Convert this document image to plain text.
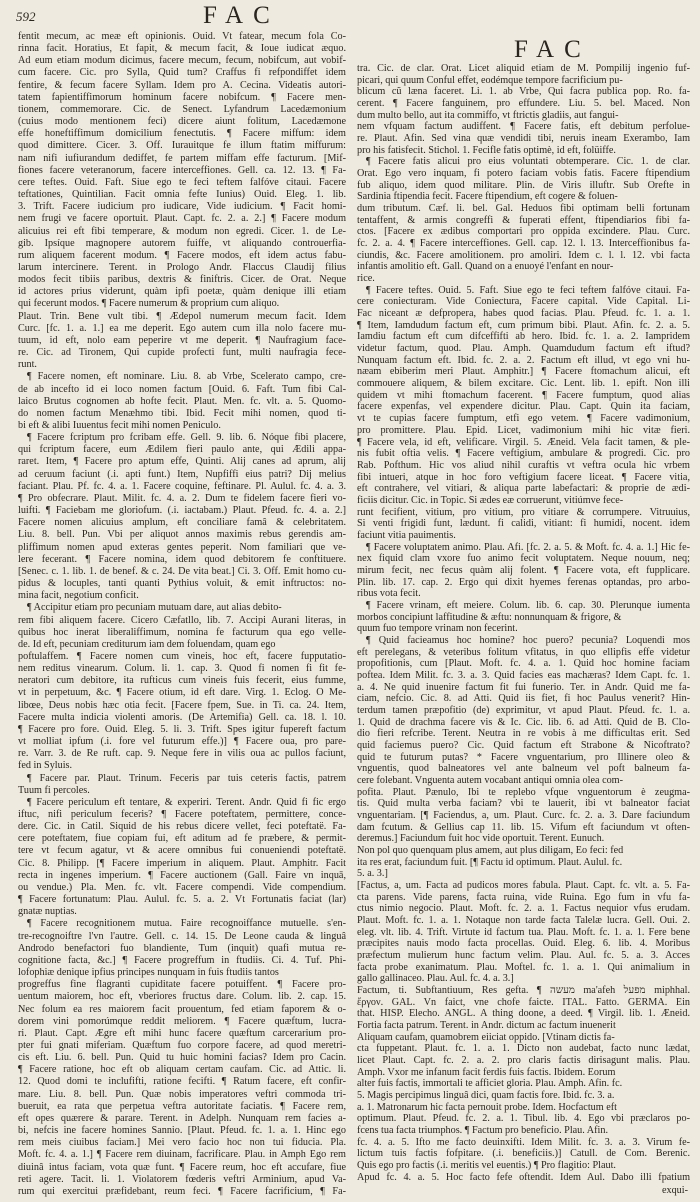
592	FAC
FAC
fentit mecum, ac meæ eft opinionis. Ouid. Vt fatear, mecum fola Co-
rinna facit. Horatius, Et fapit, & mecum facit, & Ioue iudicat æquo.
Ad eum etiam modum dicimus, facere mecum, fecum, nobifcum, aut vobif-
cum facere. Cic. pro Sylla, Quid tum? Craffus fi refpondiffet idem
fentire, & fecum facere Syllam. Idem pro A. Cecina. Videatis autori-
tatem fapientiffimorum hominum facere nobifcum. ¶ Facere men-
tionem, commemorare. Cic. de Senect. Lyfandrum Lacedæmonium
(cuius modo mentionem feci) dicere aiunt folitum, Lacedæmone
effe honeftiffimum domicilium fenectutis. ¶ Facere miffum: idem
quod dimittere. Cicer. 3. Off. Iurauitque fe illum ftatim miffurum:
nam nifi iufiurandum dediffet, fe partem miffam effe facturum. [Mif-
fiones facere veteranorum, facere interceffiones. Gell. ca. 12. 13. ¶ Fa-
cere teftes. Ouid. Faft. Siue ego te feci teftem falfóve citaui. Facere
teftationes, Quintilian. Facit omnia fefte Iunius) Ouid. Eleg. 1. lib.
3. Trift. Facere iudicium pro iudicare, Vide iudicium. ¶ Facit homi-
nem frugi ve facere oportuit. Plaut. Capt. fc. 2. a. 2.] ¶ Facere modum
alicuius rei eft fibi temperare, & modum non egredi. Cicer. 1. de Le-
gib. Ipsíque magnopere autorem fuiffe, vt aliquando controuerfia-
rum aliquem facerent modum. ¶ Facere modos, eft idem actus fabu-
larum intercinere. Terent. in Prologo Andr. Flaccus Claudij filius
modos fecit tibiis paribus, dextris & finiftris. Cicer. de Orat. Neque
id actores prius viderunt, quàm ipfi poetæ, quàm denique illi etiam
qui fecerunt modos. ¶ Facere numerum & proprium cum aliquo.
Plaut. Trin. Bene vult tibi. ¶ Ædepol numerum mecum facit. Idem
Curc. [fc. 1. a. 1.] ea me deperit. Ego autem cum illa nolo facere mu-
tuum, id eft, nolo eam peperire vt me deperit. ¶ Naufragium face-
re. Cic. ad Tironem, Qui cupide profecti funt, multi naufragia fece-
runt.
¶ Facere nomen, eft nominare. Liu. 8. ab Vrbe, Scelerato campo, cre-
de ab incefto id ei loco nomen factum [Ouid. 6. Faft. Tum fibi Cal-
laico Brutus cognomen ab hofte fecit. Plaut. Men. fc. vlt. a. 5. Quomo-
do nomen factum Menæhmo tibi. Ibid. Fecit mihi nomen, quod ti-
bi eft & alibi Iuuentus fecit mihi nomen Peniculo.
¶ Facere fcriptum pro fcribam effe. Gell. 9. lib. 6. Nóque fibi placere,
qui fcriptum facere, eum Ædilem fieri paulo ante, qui Ædili appa-
raret. Item, ¶ Facere pro aptum effe, Quinti. Alij canes ad aprum, alij
ad ceruum faciunt (.i. apti funt.) Item, Nupfiffi eius patri? Dij melius
faciant. Plau. Pf. fc. 4. a. 1. Facere coquine, feftinare. Pl. Aulul. fc. 4. a. 3.
¶ Pro obfecrare. Plaut. Milit. fc. 4. a. 2. Dum te fidelem facere fieri vo-
luifti. ¶ Faciebam me gloriofum. (.i. iactabam.) Plaut. Pfeud. fc. 4. a. 2.]
Facere nomen alicuius amplum, eft conciliare famâ & celebritatem.
Liu. 8. bell. Pun. Vbi per aliquot annos maximis rebus gerendis am-
pliffimum nomen apud exteras gentes peperit. Nom familiari que ve-
lere fecerant. ¶ Facere nomina, idem quod debitorem fe conftituere.
[Senec. c. 1. lib. 1. de benef. & c. 24. De vita beat.] Ci. 3. Off. Emit homo cu-
pidus & locuples, tanti quanti Pythius voluit, & emit inftructos: no-
mina facit, negotium conficit.
¶ Accipitur etiam pro pecuniam mutuam dare, aut alias debito-
rem fibi aliquem facere. Cicero Cæfatllo, lib. 7. Accipi Aurani literas, in
quibus hoc inerat liberaliffimum, nomina fe facturum qua ego velle-
de. Id eft, pecuniam crediturum iam dem foluendam, quam ego
poftulaffem. ¶ Facere nomen cum vineis, hoc eft, facere fupputatio-
nem reditus vinearum. Colum. li. 1. cap. 3. Quod fi nomen fi fit fe-
neratori cum debitore, ita rufticus cum vineis fuis fecerit, eius fumme,
vt in perpetuum, &c. ¶ Facere otium, id eft dare. Virg. 1. Eclog. O Me-
libœe, Deus nobis hæc otia fecit. [Facere fpem, Sue. in Ti. ca. 24. Item,
Facere multa indicia violenti amoris. (De Artemifia) Gell. ca. 18. l. 10.
¶ Facere pro fore. Ouid. Eleg. 5. li. 3. Trift. Spes igitur fupereft factum
vt molliat ipfum (.i. fore vel futurum effe.)] ¶ Facere oua, pro pare-
re. Varr. 3. de Re ruft. cap. 9. Neque fere in vilis oua ac pullos faciunt,
fed in Syluis.
¶ Facere par. Plaut. Trinum. Feceris par tuis ceteris factis, patrem
Tuum fi percoles.
¶ Facere periculum eft tentare, & experiri. Terent. Andr. Quid fi fic ergo
iftuc, nifi periculum feceris? ¶ Facere poteftatem, permittere, conce-
dere. Cic. in Catil. Siquid de his rebus dicere vellet, feci poteftatë. Fa-
cere poteftatem, fiue copiam fui, eft aditum ad fe præbere, & permit-
tere vt fecum agatur, vt & acere omnibus fui conueniendi poteftatë.
Cic. 8. Philipp. [¶ Facere imperium in aliquem. Plaut. Amphitr. Facit
recta in ingenes imperium. ¶ Facere auctionem (Gall. Faire vn inquā,
ou vendue.) Pla. Men. fc. vlt. Facere compendi. Vide compendium.
¶ Facere fortunatum: Plau. Aulul. fc. 5. a. 2. Vt Fortunatis faciat (lar)
gnatæ nuptias.
¶ Facere recognitionem mutua. Faire recognoiffance mutuelle. s'en-
tre-recognoiftre l'vn l'autre. Gell. c. 14. 15. De Leone cauda & linguâ
Androdo benefactori fuo blandiente, Tum (inquit) quafi mutua re-
cognitione facta, &c.] ¶ Facere progreffum in ftudiis. Ci. 4. Tuf. Phi-
lofophiæ denique ipfius principes nunquam in fuis ftudiis tantos
progreffus fine flagranti cupiditate facere potuiffent. ¶ Facere pro-
uentum maiorem, hoc eft, vberiores fructus dare. Colum. lib. 2. cap. 15.
Nec folum ea res maiorem facit prouentum, fed etiam faporem & o-
dorem vini pomorúmque reddit meliorem. ¶ Facere quæftum, lucra-
ri. Plaut. Capt. Ægre eft mihi hunc facere quæftum carcerarium pro-
pter fui gnati miferiam. Quæftum fuo corpore facere, ad quod meretri-
cis eft. Liu. 6. bell. Pun. Quid tu huic homini facias? Idem pro Cacin.
¶ Facere ratione, hoc eft ob aliquam certam caufam. Cic. ad Attic. li.
12. Quod domi te inclufifti, ratione fecifti. ¶ Ratum facere, eft confir-
mare. Liu. 8. bell. Pun. Quæ nobis imperatores veftri commoda tri-
bueruit, ea rata que perpetua veftra autoritate faciatis. ¶ Facere rem,
eft opes quærere & parare. Terent. in Adelph. Nunquam rem facies a-
bi, nefcis ine facere homines Sannio. [Plaut. Pfeud. fc. 1. a. 1. Hinc ego
rem meis ciuibus faciam.] Mei vero facio hoc non tui fiducia. Pla.
Moft. fc. 4. a. 1.] ¶ Facere rem diuinam, facrificare. Plau. in Amph Ego rem
diuinâ intus faciam, vota quæ funt. ¶ Facere reum, hoc eft accufare, fiue
reti agere. Tacit. li. 1. Violatorem fœderis veftri Arminium, apud Va-
rum qui exercitui præfidebant, reum feci. ¶ Facere facrificium, ¶ Fa-
tra. Cic. de clar. Orat. Licet aliquid etiam de M. Pompilij ingenio fuf-
picari, qui quum Conful effet, eodémque tempore facrificium pu-
blicum cũ læna faceret. Li. 1. ab Vrbe, Qui facra publica pop. Ro. fa-
cerent. ¶ Facere fanguinem, pro effundere. Liu. 5. bel. Maced. Non
dum multo bello, aut ita commiffo, vt ftrictis gladiis, aut fangui-
nem vfquam factum audiffent. ¶ Facere fatis, eft debitum perfolue-
re. Plaut. Afin. Sed vina quæ vendidi tibi, neruis ineam Exerambo, Iam
pro his fatisfecit. Stichol. 1. Fecifle fatis optimè, id eft, folüiffe.
¶ Facere fatis alicui pro eius voluntati obtemperare. Cic. 1. de clar.
Orat. Ego vero inquam, fi potero faciam vobis fatis. Facere ftipendium
fub aliquo, idem quod militare. Plin. de Viris illuftr. Sub Orefte in
Sardinia ftipendia fecit. Facere ftipendium, eft cogere & foluen-
dum tributum. Cæf. li. bel. Gal. Heduos fibi optimam belli fortunam
tentaffent, & armis congreffi & fuperati effent, ftipendiarios fibi fa-
ctos. [Facere ex ædibus comportari pro oppida excindere. Plau. Curc.
fc. 2. a. 4. ¶ Facere interceffiones. Gell. cap. 12. l. 13. Interceffionibus fa-
ciundis, &c. Facere amolitionem. pro amoliri. Idem c. l. l. 12. vbi facta
infantis amolitio eft. Gall. Quand on a enuoyé l'enfant en nour-
rice.
¶ Facere teftes. Ouid. 5. Faft. Siue ego te feci teftem falfóve citaui. Fa-
cere coniecturam. Vide Coniectura, Facere capital. Vide Capital. Li-
Fac niceant æ defpropera, habes quod facias. Plau. Pfeud. fc. 1. a. 1.
¶ Item, Iamdudum factum eft, cum primum bibi. Plaut. Afin. fc. 2. a. 5.
Iamdiu factum eft cum difceffifti ab hero. Ibid. fc. 1. a. 2. Iampridem
videtur factum, quod. Plau. Amph. Quamdudum factum eft iftud?
Nunquam factum eft. Ibid. fc. 2. a. 2. Factum eft illud, vt ego vni hu-
næam ebiberim meri Plaut. Amphitr.] ¶ Facere ftomachum alicui, eft
commouere aliquem, & bilem excitare. Cic. Lent. lib. 1. epift. Non illi
quidem vt mihi ftomachum facerent. ¶ Facere fumptum, quod alias
facere expenfas, vel expendere dicitur. Plau. Capt. Quin ita faciam,
vt te cupias facere fumptum, etfi ego vetem. ¶ Facere vadimonium,
pro promittere. Plau. Epid. Licet, vadimonium mihi hic vitæ fieri.
¶ Facere vela, id eft, velificare. Virgil. 5. Æneid. Vela facit tamen, & ple-
nis fubit oftia velis. ¶ Facere veftigium, ambulare & progredi. Cic. pro
Rab. Pofthum. Hic vos aliud nihil curaftis vt veftra ocula hic vrbem
fibi intueri, atque in hoc foro veftigium facere liceat. ¶ Facere vitia,
eft contrahere, vel vitiari, & aliqua parte labefactari: & proprie de ædi-
ficiis dicitur. Cic. in Topic. Si ædes eæ corruerunt, vitiúmve fece-
runt fecifient, vitium, pro vitium, pro vitiare & corrumpere. Vitruuius,
Si venti frigidi funt, lædunt. fi calidi, vitiant: fi humidi, nocent. idem
faciunt vitia pauimentis.
¶ Facere voluptatem animo. Plau. Afi. [fc. 2. a. 5. & Moft. fc. 4. a. 1.] Hic fe-
nex fiquid clam vxore fuo animo fecit voluptatem. Neque nouum, neq;
mirum fecit, nec fecus quàm alij folent. ¶ Facere vota, eft fupplicare.
Plin. lib. 17. cap. 2. Ergo qui dixit hyemes ferenas optandas, pro arbo-
ribus vota fecit.
¶ Facere vrinam, eft meiere. Colum. lib. 6. cap. 30. Plerunque iumenta
morbos concipiunt laffitudine & æftu: nonnunquam & frigore, &
quum fuo tempore vrinam non fecerint.
¶ Quid facieamus hoc homine? hoc puero? pecunia? Loquendi mos
eft perelegans, & veteribus folitum vfitatus, in quo ellipfis effe videtur
propofitionis, cum [Plaut. Moft. fc. 4. a. 1. Quid hoc homine faciam
poftea. Idem Milit. fc. 3. a. 3. Quid facies eas machæras? Idem Capt. fc. 1.
a. 4. Ne quid inuenire factum fit fui funerio. Ter. in Andr. Quid me fa-
ciam, nefcio. Cic. 8. ad Atti. Quid iis fiet, fi hoc Paulus venerit? Hin-
terdum tamen præpofitio (de) exprimitur, vt apud Plaut. Pfeud. fc. 1. a.
1. Quid de drachma facere vis & Ic. Cic. lib. 6. ad Atti. Quid de B. Clo-
dio fieri refcribe. Terent. Neutra in re vobis à me difficultas erit. Sed
quid faciemus puero? Cic. Quid factum eft Strabone & Nicoftrato?
quid te futurum putas? * Facere vnguentarium, pro Illinere oleo &
vnguentis, quod balneatores vel ante balneum vel poft balneum fa-
cere folebant. Vnguenta autem vocabant antiqui omnia olea com-
pofita. Plaut. Pænulo, Ibi te replebo vfque vnguentorum è zeugma-
tis. Quid multa verba faciam? vbi te lauerit, ibi vt balneator faciat
vnguentariam. [¶ Faciendus, a, um. Plaut. Curc. fc. 2. a. 3. Dare faciundum
dam fcutum. & Gellius cap 11. lib. 15. Vifum eft faciundum vt often-
deremus.] Faciundum fuit hoc vide oportuit. Terent. Eunuch.
Non pol quo quenquam plus amem, aut plus diligam, Eo feci: fed
ita res erat, faciundum fuit. [¶ Factu id optimum. Plaut. Aulul. fc.
5. a. 3.]
[Factus, a, um. Facta ad pudicos mores fabula. Plaut. Capt. fc. vlt. a. 5. Fa-
cta parens. Vide parens, facta ruina, vide Ruina. Ego fum in vfu fa-
ctus nimio negocio. Plaut. Moft. fc. 2. a. 1. Factus nequior vfus erudam.
Plaut. Moft. fc. 1. a. 1. Notaque non tarde facta Talelæ lucra. Gell. Oui. 2.
eleg. vlt. lib. 4. Trift. Virtute id factum tua. Plau. Moft. fc. 1. a. 1. Fere bene
præcipites nauis modo facta procellas. Ouid. Eleg. 6. lib. 4. Moribus
præfectum mulierum hunc factum velim. Plau. Aul. fc. 5. a. 3. Acces
facta probe exanimatum. Plau. Moftel. fc. 1. a. 1. Qui animalium in
gallo gallinaceo. Plau. Aul. fc. 4. a. 3.]
Factum, ti. Subftantiuum, Res gefta. ¶ מעשה ma'afeh מפעל miphhal.
ἔργον. GAL. Vn faict, vne chofe faicte. ITAL. Fatto. GERMA. Ein
that. HISP. Elecho. ANGL. A thing doone, a deed. ¶ Virgil. lib. 1. Æneid.
Fortia facta patrum. Terent. in Andr. dictum ac factum inuenerit
Aliquam caufam, quamobrem eiiciat oppido. [Vtinam dictis fa-
cta fuppetant. Plaut. fc. 1. a. 1. Dicto non audebat, facto nunc lædat,
licet Plaut. Capt. fc. 2. a. 2. pro claris factis dirisagunt malis. Plau.
Amph. Vxor me infanum facit ferdis fuis factis. Ibidem. Eorum
alter fuis factis, immortali te afficiet gloria. Plau. Amph. Afin. fc.
5. Magis percipimus linguâ dici, quam factis fore. Ibid. fc. 3. a.
a. 1. Matronarum hic facta pernouit probe. Idem. Hocfactum eft
optimum. Plaut. Pfeud. fc. 2. a. 1. Tibul. lib. 4. Ego vbi præclaros po-
fcens tua facta triumphos. ¶ Factum pro beneficio. Plau. Afin.
fc. 4. a. 5. Ifto me facto deuinxifti. Idem Milit. fc. 3. a. 3. Virum fe-
lictum tuis factis fofpitare. (.i. beneficiis.)] Catull. de Com. Berenic.
Quis ego pro factis (.i. meritis vel euentis.) ¶ Pro flagitio: Plaut.
Apud fc. 4. a. 5. Hoc facto fefe oftendit. Idem Aul. Dabo illi fpatium
exqui-
